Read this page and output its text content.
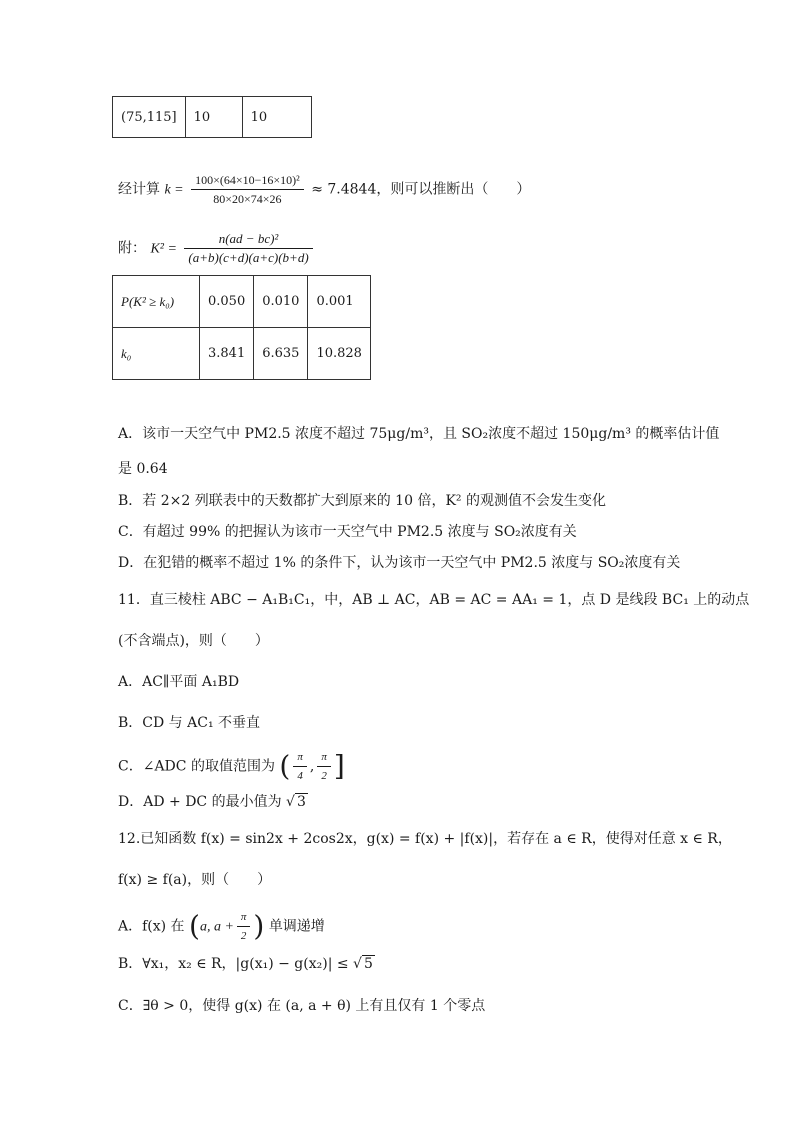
(75,115]	10	10
经计算 $k = \frac{\text{100×(64×10−16×10)²}}{80\times 20\times 74\times 26} \approx 7.4844$，则可以推断出（　　）
附： $K^2 = \frac{\text{n(ad − bc)²}}{(a+b)(c+d)(a+c)(b+d)}$
P(K² ≥ k₀)	0.050	0.010	0.001
k₀	3.841	6.635	10.828
A．该市一天空气中 PM2.5 浓度不超过 75μg/m³，且 SO₂浓度不超过 150μg/m³ 的概率估计值
是 0.64
B．若 2×2 列联表中的天数都扩大到原来的 10 倍，K² 的观测值不会发生变化
C．有超过 99% 的把握认为该市一天空气中 PM2.5 浓度与 SO₂浓度有关
D．在犯错的概率不超过 1% 的条件下，认为该市一天空气中 PM2.5 浓度与 SO₂浓度有关
11．直三棱柱 ABC − A₁B₁C₁，中，AB ⊥ AC，AB = AC = AA₁ = 1，点 D 是线段 BC₁ 上的动点
(不含端点)，则（　　）
A．AC∥平面 A₁BD
B．CD 与 AC₁ 不垂直
C．∠ADC 的取值范围为 ( $\frac{\pi}{4}$ , $\frac{\pi}{2}$ ]
D．AD + DC 的最小值为 √ 3
12.已知函数 f(x) = sin2x + 2cos2x，g(x) = f(x) + |f(x)|，若存在 a ∈ R，使得对任意 x ∈ R，
f(x) ≥ f(a)，则（　　）
A．f(x) 在 (a, $a + \frac{\pi}{2}$ ) 单调递增
B．∀x₁，x₂ ∈ R，|g(x₁) − g(x₂)| ≤ √ 5
C．∃θ > 0，使得 g(x) 在 (a, a + θ) 上有且仅有 1 个零点
